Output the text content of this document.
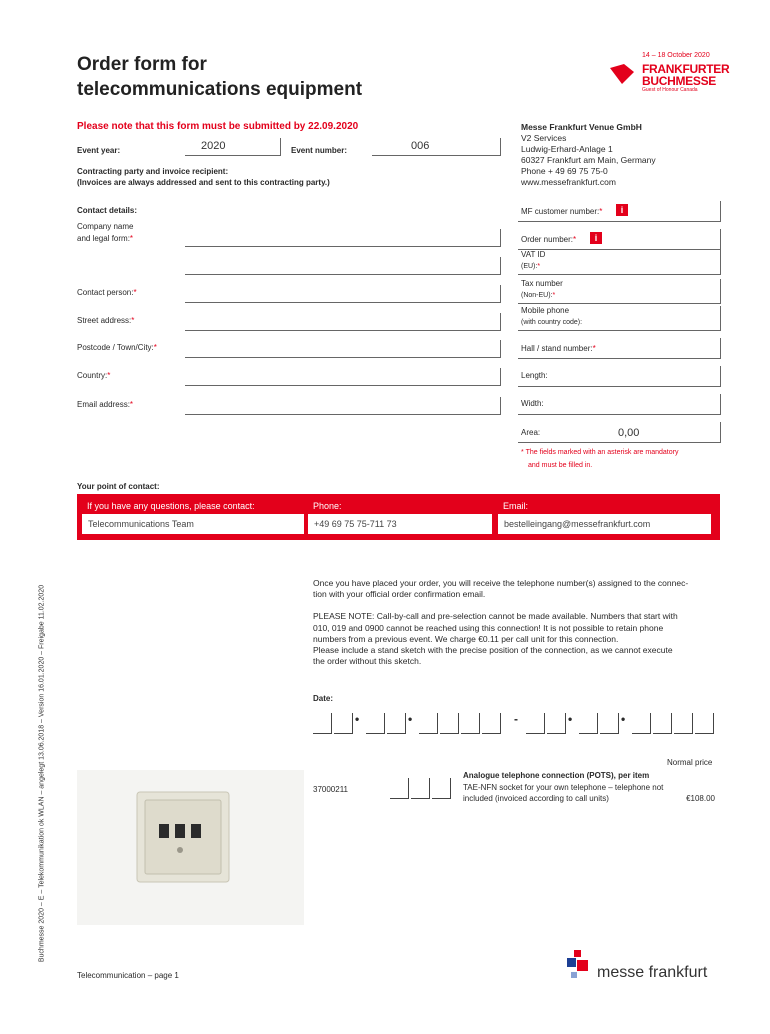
Order form for
telecommunications equipment
14 – 18 October 2020
FRANKFURTER
BUCHMESSE
Guest of Honour Canada
Please note that this form must be submitted by 22.09.2020
Event year:	2020	Event number:	006
Contracting party and invoice recipient:
(Invoices are always addressed and sent to this contracting party.)
Messe Frankfurt Venue GmbH
V2 Services
Ludwig-Erhard-Anlage 1
60327 Frankfurt am Main, Germany
Phone + 49 69 75 75-0
www.messefrankfurt.com
Contact details:
Company name
and legal form:*
Contact person:*
Street address:*
Postcode / Town/City:*
Country:*
Email address:*
MF customer number:*	i
Order number:*	i
VAT ID
(EU):*
Tax number
(Non-EU):*
Mobile phone
(with country code):
Hall / stand number:*
Length:
Width:
Area:	0,00
* The fields marked with an asterisk are mandatory
and must be filled in.
Your point of contact:
If you have any questions, please contact:
Telecommunications Team
Phone:
+49 69 75 75-711 73
Email:
bestelleingang@messefrankfurt.com

Once you have placed your order, you will receive the telephone number(s) assigned to the connec-

tion with your official order confirmation email.

PLEASE NOTE: Call-by-call and pre-selection cannot be made available. Numbers that start with

010, 019 and 0900 cannot be reached using this connection! It is not possible to retain phone

numbers from a previous event. We charge €0.11 per call unit for this connection.

Please include a stand sketch with the precise position of the connection, as we cannot execute

the order without this sketch.

Date:
•	•	-	•	•
Normal price
37000211
Analogue telephone connection (POTS), per item
TAE-NFN socket for your own telephone – telephone not
included (invoiced according to call units)	€108.00
Buchmesse 2020 – E – Telekommunikation ok WLAN – angelegt 13.06.2018 – Version 16.01.2020 – Freigabe 11.02.2020
Telecommunication – page 1	messe frankfurt
